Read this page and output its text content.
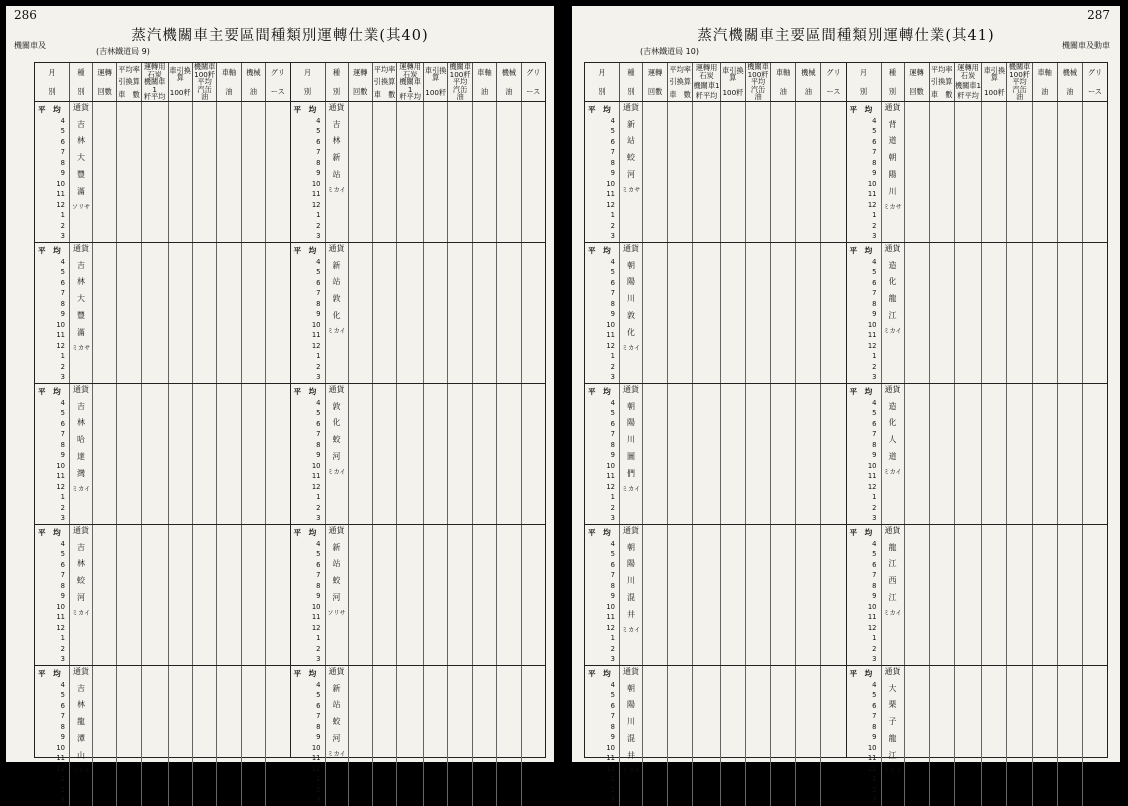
286
蒸汽機關車主要區間種類別運轉仕業(其40)
機關車及
(吉林鐵道局 9)
月
別
種
別
運轉
回數
平均率
引換算
車　數
運轉用石炭
機關車1
粁平均
車引換算
100粁
機關車100粁平均
汽缶
油
車軸
油
機械
油
グリ
ース
平　均
4
5
6
7
8
9
10
11
12
1
2
3
通貨
吉
林
大
豐
滿
ソリサ
平　均
4
5
6
7
8
9
10
11
12
1
2
3
通貨
吉
林
大
豐
滿
ミカサ
平　均
4
5
6
7
8
9
10
11
12
1
2
3
通貨
吉
林
哈
達
灣
ミカイ
平　均
4
5
6
7
8
9
10
11
12
1
2
3
通貨
吉
林
蛟
河
ミカイ
平　均
4
5
6
7
8
9
10
11
12
1
2
3
通貨
吉
林
龍
潭
山
ソリサ
月
別
種
別
運轉
回數
平均率
引換算
車　數
運轉用石炭
機關車1
粁平均
車引換算
100粁
機關車100粁平均
汽缶
油
車軸
油
機械
油
グリ
ース
平　均
4
5
6
7
8
9
10
11
12
1
2
3
通貨
吉
林
新
站
ミカイ
平　均
4
5
6
7
8
9
10
11
12
1
2
3
通貨
新
站
敦
化
ミカイ
平　均
4
5
6
7
8
9
10
11
12
1
2
3
通貨
敦
化
蛟
河
ミカイ
平　均
4
5
6
7
8
9
10
11
12
1
2
3
通貨
新
站
蛟
河
ソリサ
平　均
4
5
6
7
8
9
10
11
12
1
2
3
通貨
新
站
蛟
河
ミカイ
287
蒸汽機關車主要區間種類別運轉仕業(其41)
機關車及動車
(吉林鐵道局 10)
月
別
種
別
運轉
回數
平均率
引換算
車　數
運轉用石炭
機關車1
粁平均
車引換算
100粁
機關車100粁平均
汽缶
油
車軸
油
機械
油
グリ
ース
平　均
4
5
6
7
8
9
10
11
12
1
2
3
通貨
新
站
蛟
河
ミカサ
平　均
4
5
6
7
8
9
10
11
12
1
2
3
通貨
朝
陽
川
敦
化
ミカイ
平　均
4
5
6
7
8
9
10
11
12
1
2
3
通貨
朝
陽
川
圖
們
ミカイ
平　均
4
5
6
7
8
9
10
11
12
1
2
3
通貨
朝
陽
川
混
井
ミカイ
平　均
4
5
6
7
8
9
10
11
12
1
2
3
通貨
朝
陽
川
混
井
ミカサ
月
別
種
別
運轉
回數
平均率
引換算
車　數
運轉用石炭
機關車1
粁平均
車引換算
100粁
機關車100粁平均
汽缶
油
車軸
油
機械
油
グリ
ース
平　均
4
5
6
7
8
9
10
11
12
1
2
3
通貨
背
道
朝
陽
川
ミカサ
平　均
4
5
6
7
8
9
10
11
12
1
2
3
通貨
造
化
龍
江
ミカイ
平　均
4
5
6
7
8
9
10
11
12
1
2
3
通貨
造
化
人
道
ミカイ
平　均
4
5
6
7
8
9
10
11
12
1
2
3
通貨
龍
江
西
江
ミカイ
平　均
4
5
6
7
8
9
10
11
12
1
2
3
通貨
大
栗
子
龍
江
ミカイ
